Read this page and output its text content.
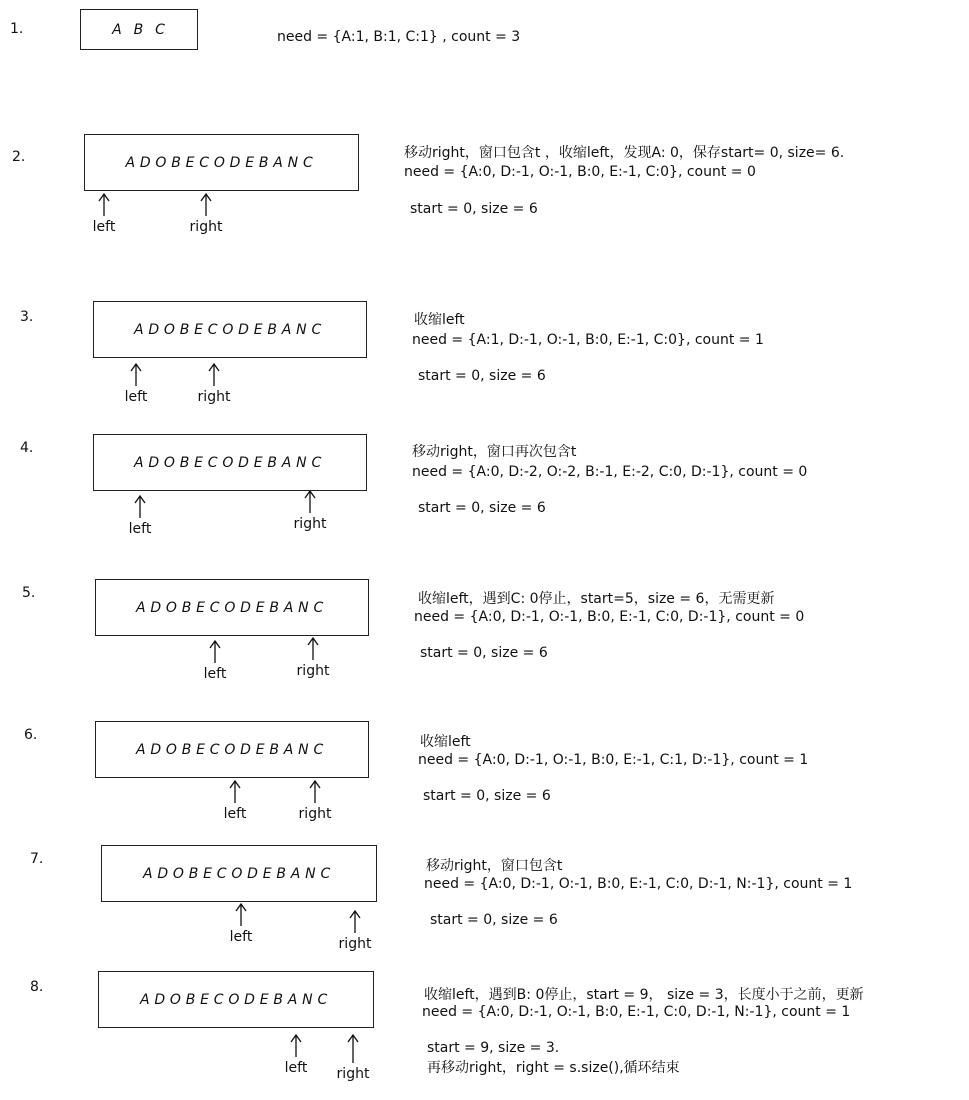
1.	A  B  C	need = {A:1, B:1, C:1} , count = 3
2.	ADOBECODEBANC
left	right
移动right，窗口包含t ，收缩left，发现A: 0，保存start= 0, size= 6.
need = {A:0, D:-1, O:-1, B:0, E:-1, C:0}, count = 0
start = 0, size = 6
3.
ADOBECODEBANC
left	right
收缩left
need = {A:1, D:-1, O:-1, B:0, E:-1, C:0}, count = 1
start = 0, size = 6
4.
ADOBECODEBANC
left	right
移动right，窗口再次包含t
need = {A:0, D:-2, O:-2, B:-1, E:-2, C:0, D:-1}, count = 0
start = 0, size = 6
5.
ADOBECODEBANC
left	right
收缩left，遇到C: 0停止，start=5，size = 6，无需更新
need = {A:0, D:-1, O:-1, B:0, E:-1, C:0, D:-1}, count = 0
start = 0, size = 6
6.
ADOBECODEBANC
left	right
收缩left
need = {A:0, D:-1, O:-1, B:0, E:-1, C:1, D:-1}, count = 1
start = 0, size = 6
7.
ADOBECODEBANC
left	right
移动right，窗口包含t
need = {A:0, D:-1, O:-1, B:0, E:-1, C:0, D:-1, N:-1}, count = 1
start = 0, size = 6
8.
ADOBECODEBANC
left	right
收缩left，遇到B: 0停止，start = 9， size = 3，长度小于之前，更新
need = {A:0, D:-1, O:-1, B:0, E:-1, C:0, D:-1, N:-1}, count = 1
start = 9, size = 3.
再移动right，right = s.size(),循环结束
